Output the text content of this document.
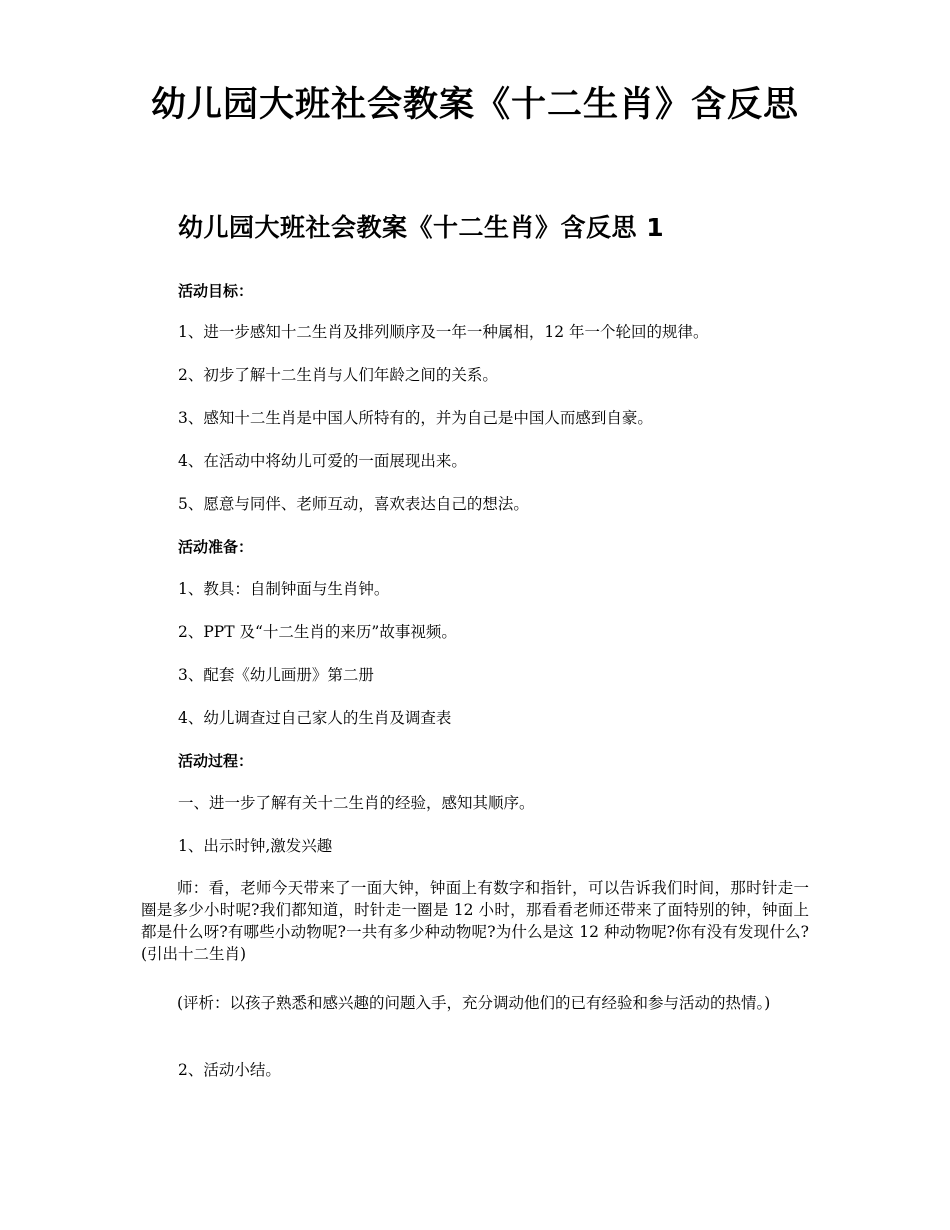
幼儿园大班社会教案《十二生肖》含反思
幼儿园大班社会教案《十二生肖》含反思 1
活动目标：
1、进一步感知十二生肖及排列顺序及一年一种属相，12 年一个轮回的规律。
2、初步了解十二生肖与人们年龄之间的关系。
3、感知十二生肖是中国人所特有的，并为自己是中国人而感到自豪。
4、在活动中将幼儿可爱的一面展现出来。
5、愿意与同伴、老师互动，喜欢表达自己的想法。
活动准备：
1、教具：自制钟面与生肖钟。
2、PPT 及“十二生肖的来历”故事视频。
3、配套《幼儿画册》第二册
4、幼儿调查过自己家人的生肖及调查表
活动过程：
一、进一步了解有关十二生肖的经验，感知其顺序。
1、出示时钟,激发兴趣
师：看，老师今天带来了一面大钟，钟面上有数字和指针，可以告诉我们时间，那时针走一圈是多少小时呢?我们都知道，时针走一圈是 12 小时，那看看老师还带来了面特别的钟，钟面上都是什么呀?有哪些小动物呢?一共有多少种动物呢?为什么是这 12 种动物呢?你有没有发现什么?(引出十二生肖)
(评析：以孩子熟悉和感兴趣的问题入手，充分调动他们的已有经验和参与活动的热情。)
2、活动小结。
